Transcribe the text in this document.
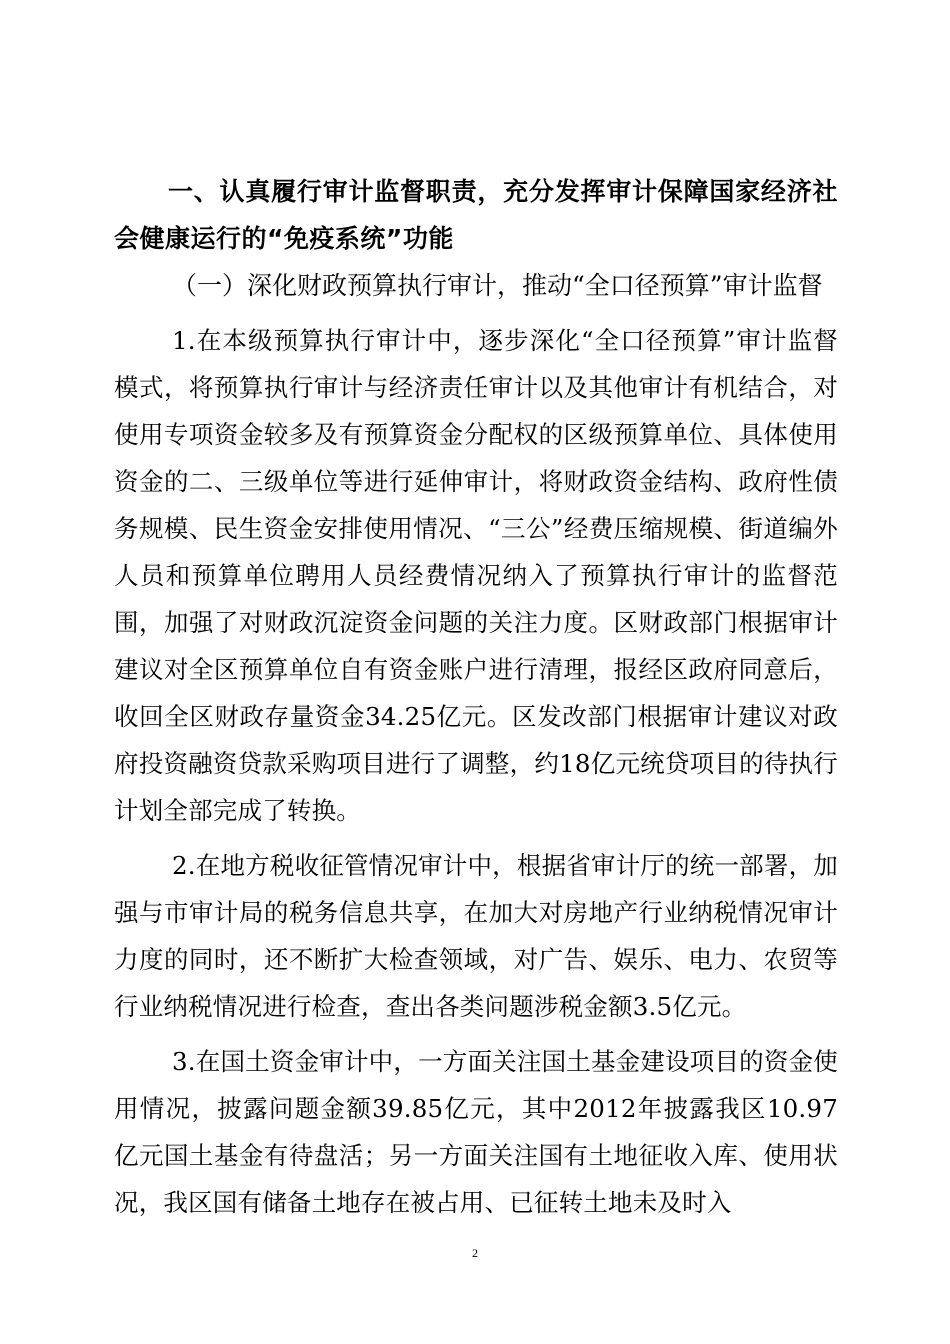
一、认真履行审计监督职责，充分发挥审计保障国家经济社会健康运行的“免疫系统”功能

（一）深化财政预算执行审计，推动“全口径预算”审计监督

1.在本级预算执行审计中，逐步深化“全口径预算”审计监督模式，将预算执行审计与经济责任审计以及其他审计有机结合，对使用专项资金较多及有预算资金分配权的区级预算单位、具体使用资金的二、三级单位等进行延伸审计，将财政资金结构、政府性债务规模、民生资金安排使用情况、“三公”经费压缩规模、街道编外人员和预算单位聘用人员经费情况纳入了预算执行审计的监督范围，加强了对财政沉淀资金问题的关注力度。区财政部门根据审计建议对全区预算单位自有资金账户进行清理，报经区政府同意后，收回全区财政存量资金34.25亿元。区发改部门根据审计建议对政府投资融资贷款采购项目进行了调整，约18亿元统贷项目的待执行计划全部完成了转换。

2.在地方税收征管情况审计中，根据省审计厅的统一部署，加强与市审计局的税务信息共享，在加大对房地产行业纳税情况审计力度的同时，还不断扩大检查领域，对广告、娱乐、电力、农贸等行业纳税情况进行检查，查出各类问题涉税金额3.5亿元。

3.在国土资金审计中，一方面关注国土基金建设项目的资金使用情况，披露问题金额39.85亿元，其中2012年披露我区10.97亿元国土基金有待盘活；另一方面关注国有土地征收入库、使用状况，我区国有储备土地存在被占用、已征转土地未及时入

2
